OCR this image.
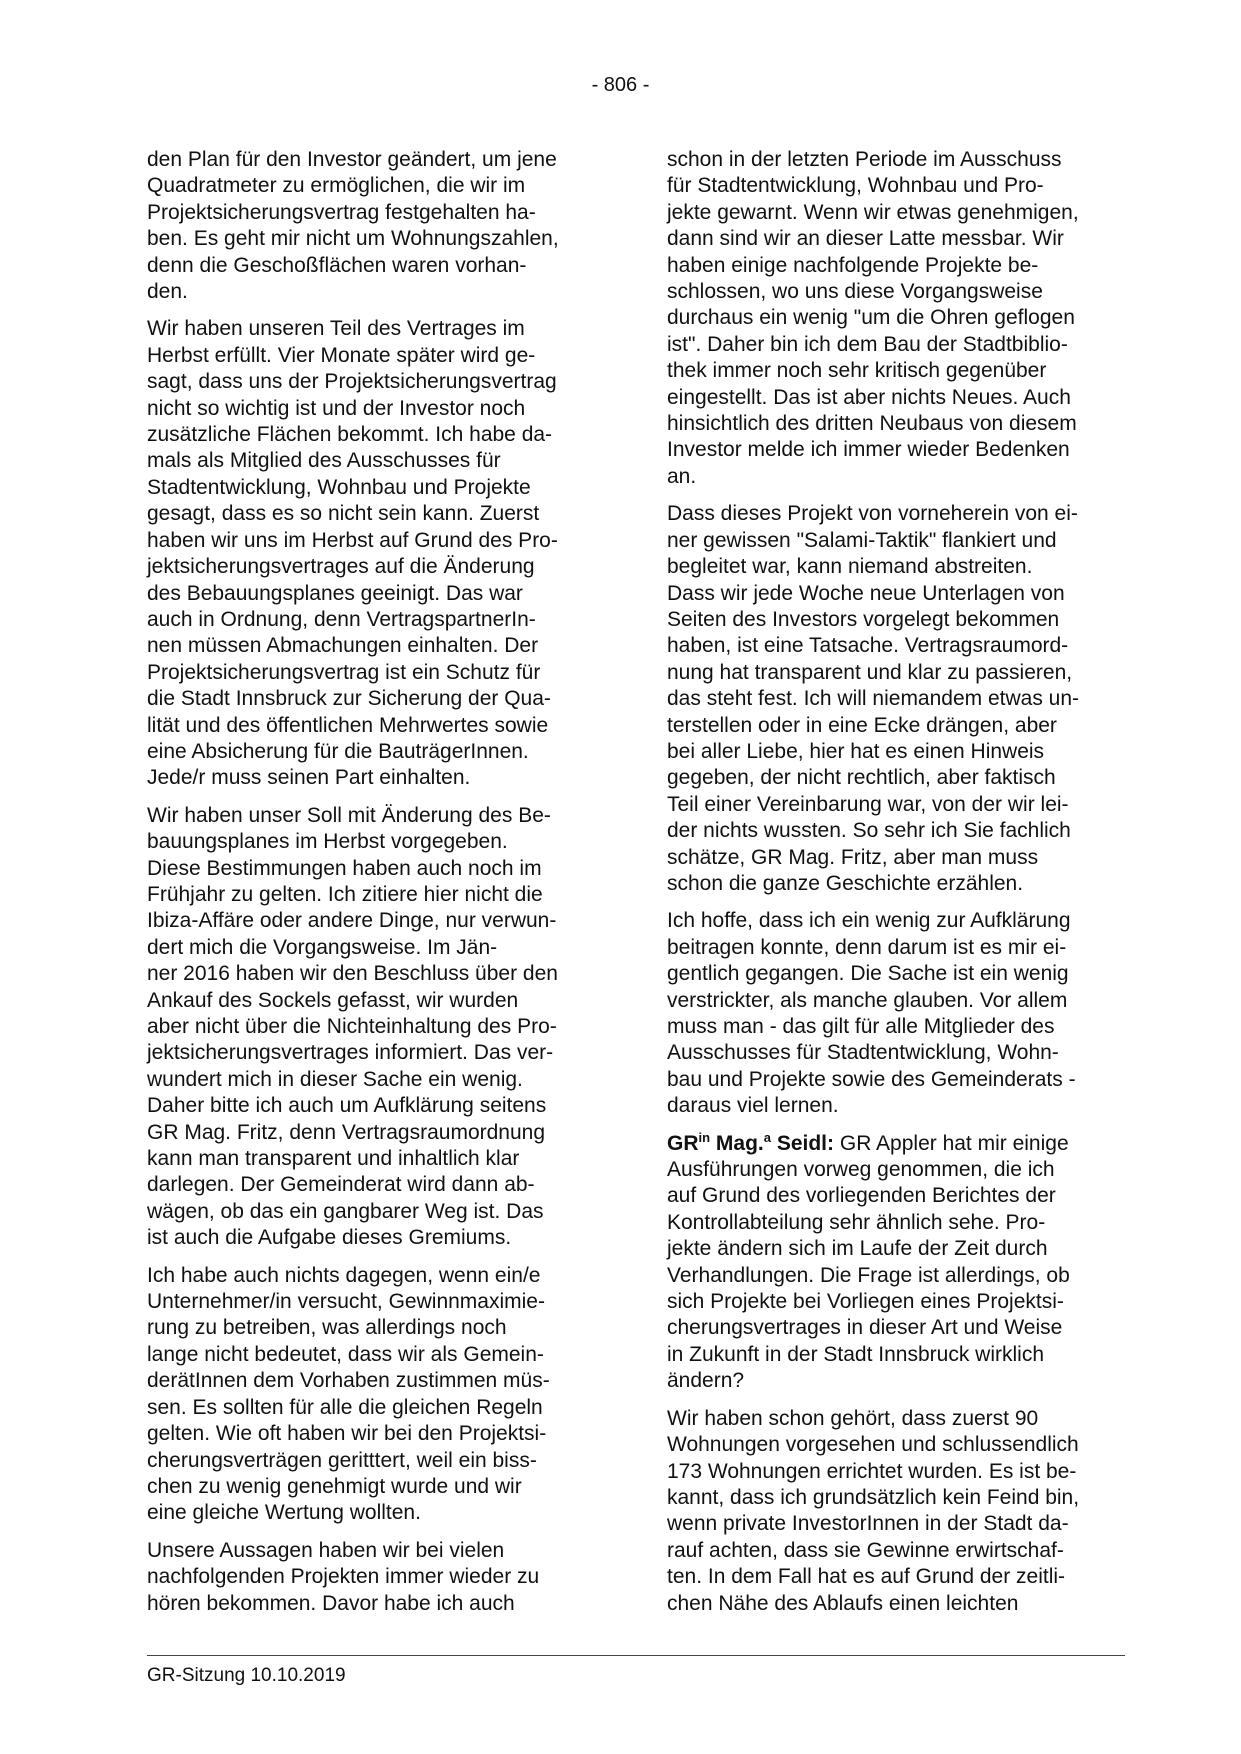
- 806 -

den Plan für den Investor geändert, um jene
Quadratmeter zu ermöglichen, die wir im
Projektsicherungsvertrag festgehalten ha-
ben. Es geht mir nicht um Wohnungszahlen,
denn die Geschoßflächen waren vorhan-
den.

Wir haben unseren Teil des Vertrages im
Herbst erfüllt. Vier Monate später wird ge-
sagt, dass uns der Projektsicherungsvertrag
nicht so wichtig ist und der Investor noch
zusätzliche Flächen bekommt. Ich habe da-
mals als Mitglied des Ausschusses für
Stadtentwicklung, Wohnbau und Projekte
gesagt, dass es so nicht sein kann. Zuerst
haben wir uns im Herbst auf Grund des Pro-
jektsicherungsvertrages auf die Änderung
des Bebauungsplanes geeinigt. Das war
auch in Ordnung, denn VertragspartnerIn-
nen müssen Abmachungen einhalten. Der
Projektsicherungsvertrag ist ein Schutz für
die Stadt Innsbruck zur Sicherung der Qua-
lität und des öffentlichen Mehrwertes sowie
eine Absicherung für die BauträgerInnen.
Jede/r muss seinen Part einhalten.

Wir haben unser Soll mit Änderung des Be-
bauungsplanes im Herbst vorgegeben.
Diese Bestimmungen haben auch noch im
Frühjahr zu gelten. Ich zitiere hier nicht die
Ibiza-Affäre oder andere Dinge, nur verwun-
dert mich die Vorgangsweise. Im Jän-
ner 2016 haben wir den Beschluss über den
Ankauf des Sockels gefasst, wir wurden
aber nicht über die Nichteinhaltung des Pro-
jektsicherungsvertrages informiert. Das ver-
wundert mich in dieser Sache ein wenig.
Daher bitte ich auch um Aufklärung seitens
GR Mag. Fritz, denn Vertragsraumordnung
kann man transparent und inhaltlich klar
darlegen. Der Gemeinderat wird dann ab-
wägen, ob das ein gangbarer Weg ist. Das
ist auch die Aufgabe dieses Gremiums.

Ich habe auch nichts dagegen, wenn ein/e
Unternehmer/in versucht, Gewinnmaximie-
rung zu betreiben, was allerdings noch
lange nicht bedeutet, dass wir als Gemein-
derätInnen dem Vorhaben zustimmen müs-
sen. Es sollten für alle die gleichen Regeln
gelten. Wie oft haben wir bei den Projektsi-
cherungsverträgen geritttert, weil ein biss-
chen zu wenig genehmigt wurde und wir
eine gleiche Wertung wollten.

Unsere Aussagen haben wir bei vielen
nachfolgenden Projekten immer wieder zu
hören bekommen. Davor habe ich auch

schon in der letzten Periode im Ausschuss
für Stadtentwicklung, Wohnbau und Pro-
jekte gewarnt. Wenn wir etwas genehmigen,
dann sind wir an dieser Latte messbar. Wir
haben einige nachfolgende Projekte be-
schlossen, wo uns diese Vorgangsweise
durchaus ein wenig "um die Ohren geflogen
ist". Daher bin ich dem Bau der Stadtbiblio-
thek immer noch sehr kritisch gegenüber
eingestellt. Das ist aber nichts Neues. Auch
hinsichtlich des dritten Neubaus von diesem
Investor melde ich immer wieder Bedenken
an.

Dass dieses Projekt von vorneherein von ei-
ner gewissen "Salami-Taktik" flankiert und
begleitet war, kann niemand abstreiten.
Dass wir jede Woche neue Unterlagen von
Seiten des Investors vorgelegt bekommen
haben, ist eine Tatsache. Vertragsraumord-
nung hat transparent und klar zu passieren,
das steht fest. Ich will niemandem etwas un-
terstellen oder in eine Ecke drängen, aber
bei aller Liebe, hier hat es einen Hinweis
gegeben, der nicht rechtlich, aber faktisch
Teil einer Vereinbarung war, von der wir lei-
der nichts wussten. So sehr ich Sie fachlich
schätze, GR Mag. Fritz, aber man muss
schon die ganze Geschichte erzählen.

Ich hoffe, dass ich ein wenig zur Aufklärung
beitragen konnte, denn darum ist es mir ei-
gentlich gegangen. Die Sache ist ein wenig
verstrickter, als manche glauben. Vor allem
muss man - das gilt für alle Mitglieder des
Ausschusses für Stadtentwicklung, Wohn-
bau und Projekte sowie des Gemeinderats -
daraus viel lernen.

$GR^{in}$ Mag.$^a$ Seidl: GR Appler hat mir einige
Ausführungen vorweg genommen, die ich
auf Grund des vorliegenden Berichtes der
Kontrollabteilung sehr ähnlich sehe. Pro-
jekte ändern sich im Laufe der Zeit durch
Verhandlungen. Die Frage ist allerdings, ob
sich Projekte bei Vorliegen eines Projektsi-
cherungsvertrages in dieser Art und Weise
in Zukunft in der Stadt Innsbruck wirklich
ändern?

Wir haben schon gehört, dass zuerst 90
Wohnungen vorgesehen und schlussendlich
173 Wohnungen errichtet wurden. Es ist be-
kannt, dass ich grundsätzlich kein Feind bin,
wenn private InvestorInnen in der Stadt da-
rauf achten, dass sie Gewinne erwirtschaf-
ten. In dem Fall hat es auf Grund der zeitli-
chen Nähe des Ablaufs einen leichten

GR-Sitzung 10.10.2019
